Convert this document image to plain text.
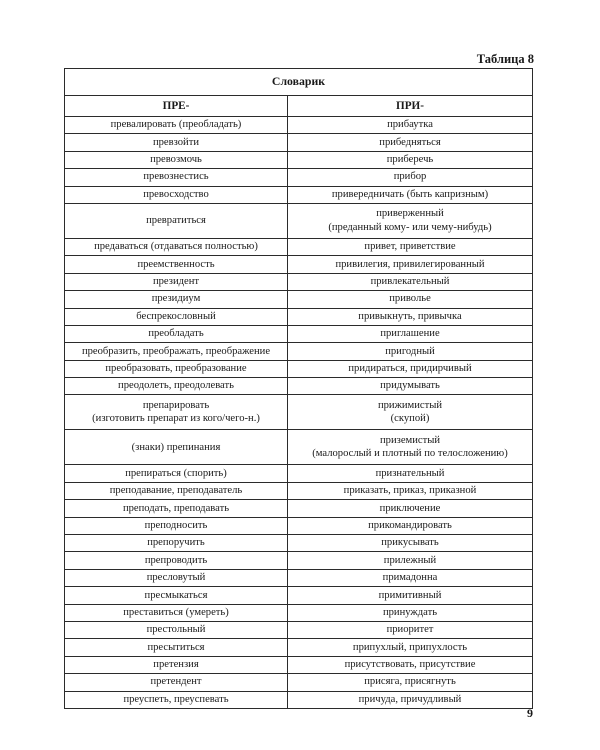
Таблица 8
Словарик	
ПРЕ-	ПРИ-

превалировать (преобладать)	прибаутка

превзойти	прибедняться

превозмочь	приберечь

превознестись	прибор

превосходство	привередничать (быть капризным)

превратиться	приверженный
(преданный кому- или чему-нибудь)

предаваться (отдаваться полностью)	привет, приветствие

преемственность	привилегия, привилегированный

президент	привлекательный

президиум	приволье

беспрекословный	привыкнуть, привычка

преобладать	приглашение

преобразить, преображать, преображение	пригодный

преобразовать, преобразование	придираться, придирчивый

преодолеть, преодолевать	придумывать

препарировать
(изготовить препарат из кого/чего-н.)	прижимистый
(скупой)

(знаки) препинания	приземистый
(малорослый и плотный по телосложению)

препираться (спорить)	признательный

преподавание, преподаватель	приказать, приказ, приказной

преподать, преподавать	приключение

преподносить	прикомандировать

препоручить	прикусывать

препроводить	прилежный

пресловутый	примадонна

пресмыкаться	примитивный

преставиться (умереть)	принуждать

престольный	приоритет

пресытиться	припухлый, припухлость

претензия	присутствовать, присутствие

претендент	присяга, присягнуть

преуспеть, преуспевать	причуда, причудливый
9
